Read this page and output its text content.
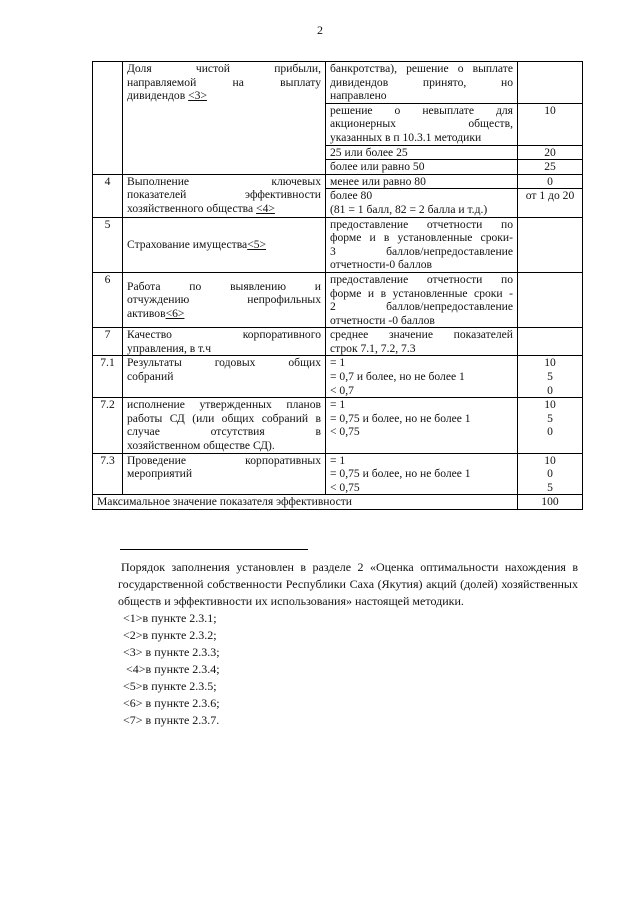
2

	Доля чистой прибыли,
направляемой на выплату
дивидендов <3>	банкротства), решение о выплате
дивидендов принято, но
направлено	

		решение о невыплате для
акционерных обществ,
указанных в п 10.3.1 методики	10
		25 или более 25	20
		более или равно 50	25
4	Выполнение ключевых
показателей эффективности
хозяйственного общества <4>	менее или равно 80	0

		более 80
(81 = 1 балл, 82 = 2 балла и т.д.)	от 1 до 20
5	Страхование имущества<5>	предоставление отчетности по
форме и в установленные сроки-
3 баллов/непредоставление
отчетности-0 баллов	

6	Работа по выявлению и
отчуждению непрофильных
активов<6>	предоставление отчетности по
форме и в установленные сроки -
2 баллов/непредоставление
отчетности -0 баллов	

7	Качество корпоративного
управления, в т.ч	среднее значение показателей
строк 7.1, 7.2, 7.3	

7.1	Результаты годовых общих
собраний	= 1
= 0,7 и более, но не более 1
< 0,7	10
5
0

7.2	исполнение утвержденных планов
работы СД (или общих собраний в
случае отсутствия в
хозяйственном обществе СД).	= 1
= 0,75 и более, но не более 1
< 0,75	10
5
0

7.3	Проведение корпоративных
мероприятий	= 1
= 0,75 и более, но не более 1
< 0,75	10
0
5

Максимальное значение показателя эффективности			100
Порядок заполнения установлен в разделе 2 «Оценка оптимальности нахождения в государственной собственности Республики Саха (Якутия) акций (долей) хозяйственных обществ и эффективности их использования» настоящей методики.
<1>в пункте 2.3.1;
<2>в пункте 2.3.2;
<3> в пункте 2.3.3;
<4>в пункте 2.3.4;
<5>в пункте 2.3.5;
<6> в пункте 2.3.6;
<7> в пункте 2.3.7.
